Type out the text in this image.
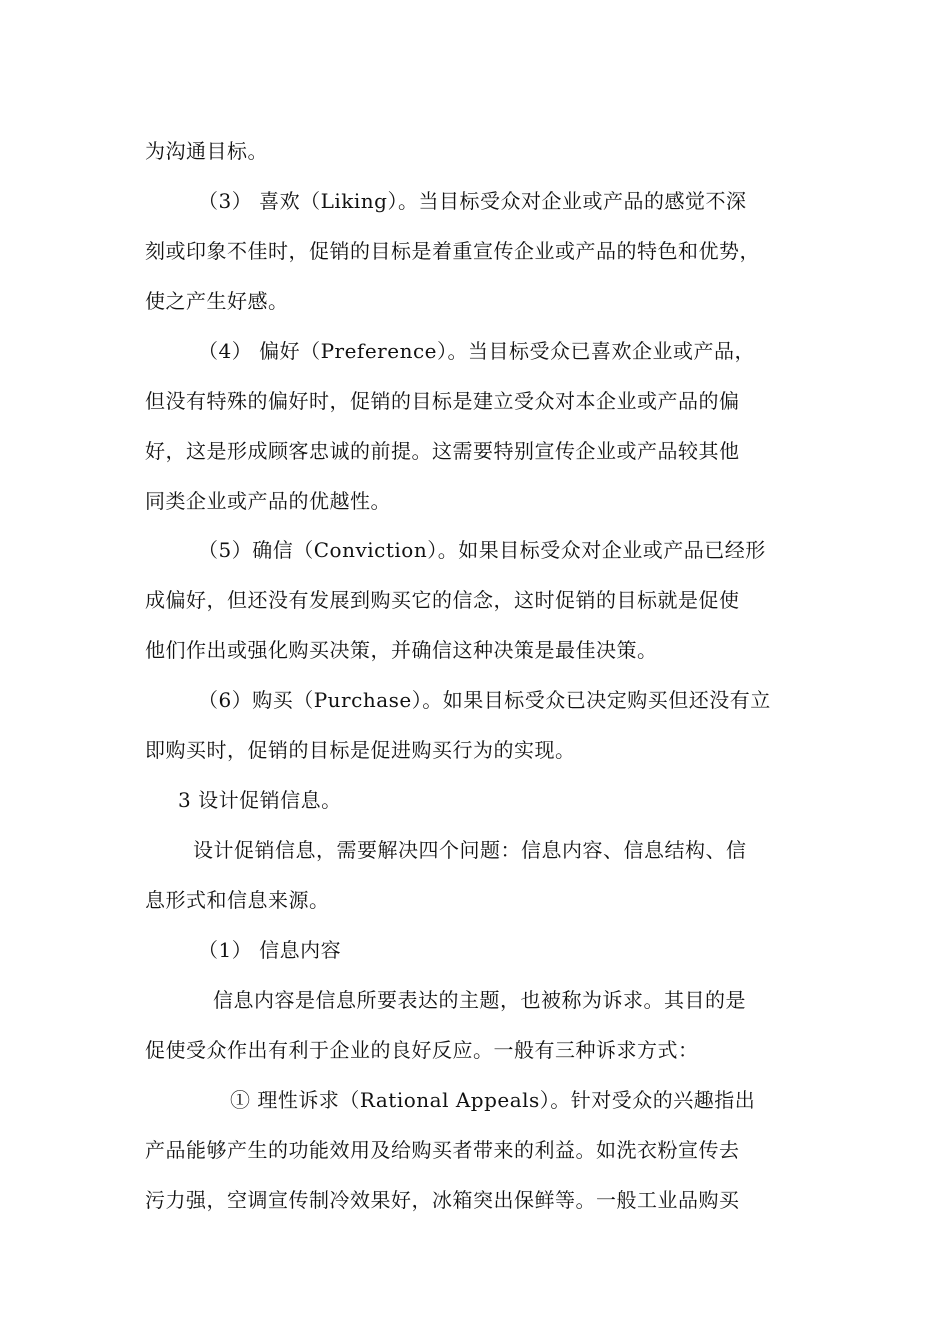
为沟通目标。
（3） 喜欢（Liking）。当目标受众对企业或产品的感觉不深
刻或印象不佳时，促销的目标是着重宣传企业或产品的特色和优势，
使之产生好感。
（4） 偏好（Preference）。当目标受众已喜欢企业或产品，
但没有特殊的偏好时，促销的目标是建立受众对本企业或产品的偏
好，这是形成顾客忠诚的前提。这需要特别宣传企业或产品较其他
同类企业或产品的优越性。
（5）确信（Conviction）。如果目标受众对企业或产品已经形
成偏好，但还没有发展到购买它的信念，这时促销的目标就是促使
他们作出或强化购买决策，并确信这种决策是最佳决策。
（6）购买（Purchase）。如果目标受众已决定购买但还没有立
即购买时，促销的目标是促进购买行为的实现。
3 设计促销信息。
设计促销信息，需要解决四个问题：信息内容、信息结构、信
息形式和信息来源。
（1） 信息内容
信息内容是信息所要表达的主题，也被称为诉求。其目的是
促使受众作出有利于企业的良好反应。一般有三种诉求方式：
① 理性诉求（Rational Appeals）。针对受众的兴趣指出
产品能够产生的功能效用及给购买者带来的利益。如洗衣粉宣传去
污力强，空调宣传制冷效果好，冰箱突出保鲜等。一般工业品购买
